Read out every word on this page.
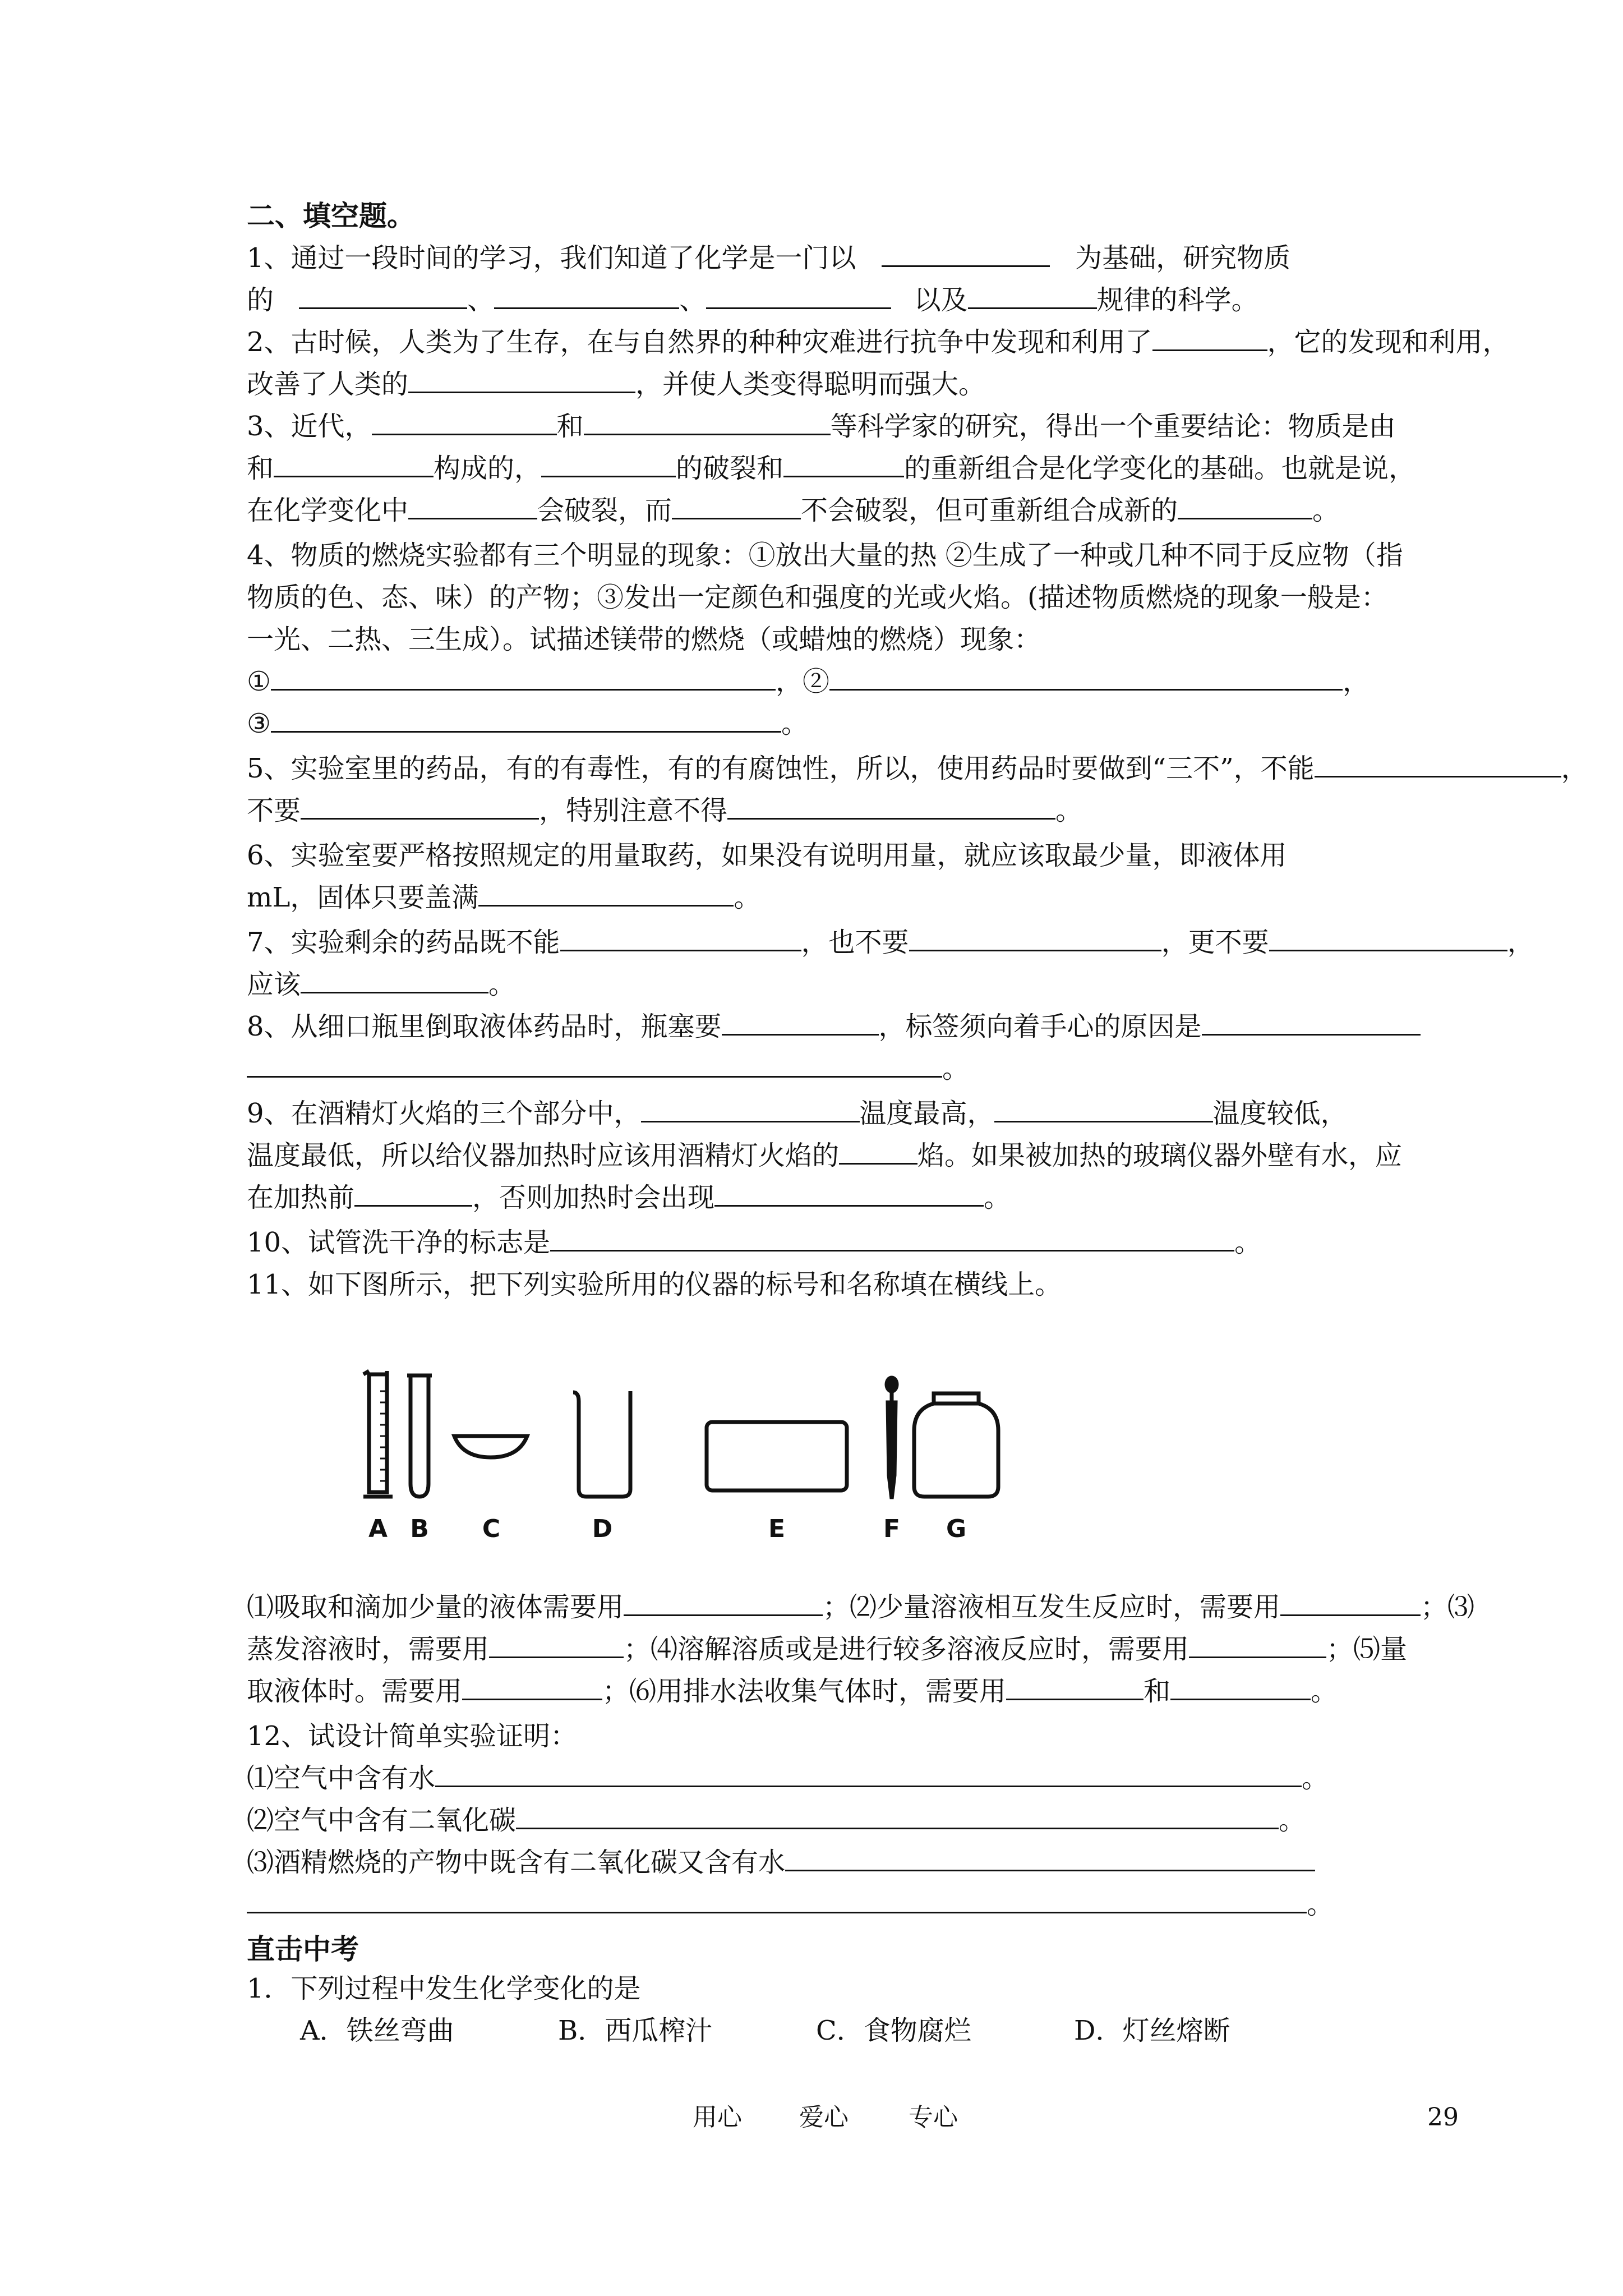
二、填空题。
1、通过一段时间的学习，我们知道了化学是一门以	为基础，研究物质
的	、	、	以及	规律的科学。
2、古时候，人类为了生存，在与自然界的种种灾难进行抗争中发现和利用了	，它的发现和利用，
改善了人类的	，并使人类变得聪明而强大。
3、近代，	和	等科学家的研究，得出一个重要结论：物质是由
和	构成的，	的破裂和	的重新组合是化学变化的基础。也就是说，
在化学变化中	会破裂，而	不会破裂，但可重新组合成新的	。
4、物质的燃烧实验都有三个明显的现象：①放出大量的热 ②生成了一种或几种不同于反应物（指
物质的色、态、味）的产物；③发出一定颜色和强度的光或火焰。(描述物质燃烧的现象一般是：
一光、二热、三生成）。试描述镁带的燃烧（或蜡烛的燃烧）现象：
①	，②	，
③	。
5、实验室里的药品，有的有毒性，有的有腐蚀性，所以，使用药品时要做到“三不”，不能	，
不要	，特别注意不得	。
6、实验室要严格按照规定的用量取药，如果没有说明用量，就应该取最少量，即液体用
mL，固体只要盖满	。
7、实验剩余的药品既不能	，也不要	，更不要	，
应该	。
8、从细口瓶里倒取液体药品时，瓶塞要	，标签须向着手心的原因是
。
9、在酒精灯火焰的三个部分中，	温度最高，	温度较低，
温度最低，所以给仪器加热时应该用酒精灯火焰的	焰。如果被加热的玻璃仪器外壁有水，应
在加热前	，否则加热时会出现	。
10、试管洗干净的标志是	。
11、如下图所示，把下列实验所用的仪器的标号和名称填在横线上。
A B C	D	E	F G
⑴吸取和滴加少量的液体需要用	；⑵少量溶液相互发生反应时，需要用	；⑶
蒸发溶液时，需要用	；⑷溶解溶质或是进行较多溶液反应时，需要用	；⑸量
取液体时。需要用	；⑹用排水法收集气体时，需要用	和	。
12、试设计简单实验证明：
⑴空气中含有水	。
⑵空气中含有二氧化碳	。
⑶酒精燃烧的产物中既含有二氧化碳又含有水
。
直击中考
1．下列过程中发生化学变化的是
A．铁丝弯曲	B．西瓜榨汁	C．食物腐烂	D．灯丝熔断
用心 爱心 专心	29
